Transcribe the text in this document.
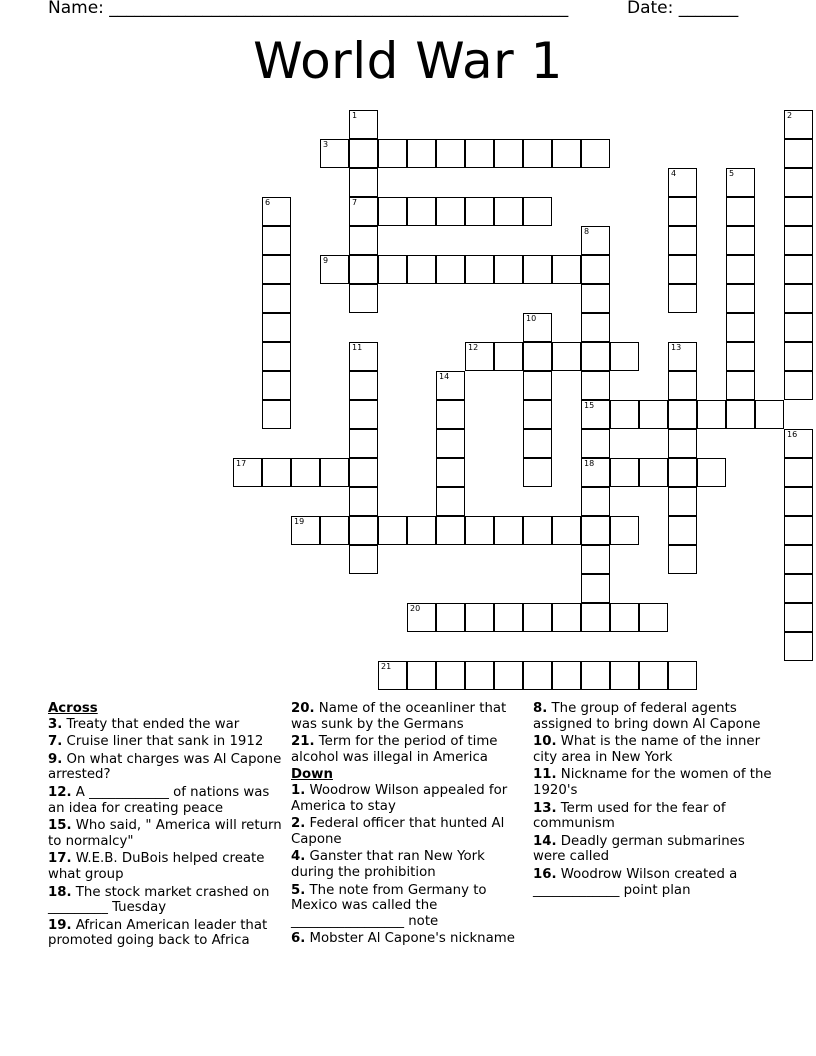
Name: ______________________________________________________	Date: _______
World War 1
1
7
2
3
4	5
6
8
15
18
9
10
11	12	13
14
16
17
19
20
21
Across
3. Treaty that ended the war
7. Cruise liner that sank in 1912
9. On what charges was Al Capone arrested?
12. A ____________ of nations was an idea for creating peace
15. Who said, " America will return to normalcy"
17. W.E.B. DuBois helped create what group
18. The stock market crashed on _________ Tuesday
19. African American leader that promoted going back to Africa
20. Name of the oceanliner that was sunk by the Germans
21. Term for the period of time alcohol was illegal in America
Down
1. Woodrow Wilson appealed for America to stay
2. Federal officer that hunted Al Capone
4. Ganster that ran New York during the prohibition
5. The note from Germany to Mexico was called the _________________ note
6. Mobster Al Capone's nickname
8. The group of federal agents assigned to bring down Al Capone
10. What is the name of the inner city area in New York
11. Nickname for the women of the 1920's
13. Term used for the fear of communism
14. Deadly german submarines were called
16. Woodrow Wilson created a _____________ point plan
